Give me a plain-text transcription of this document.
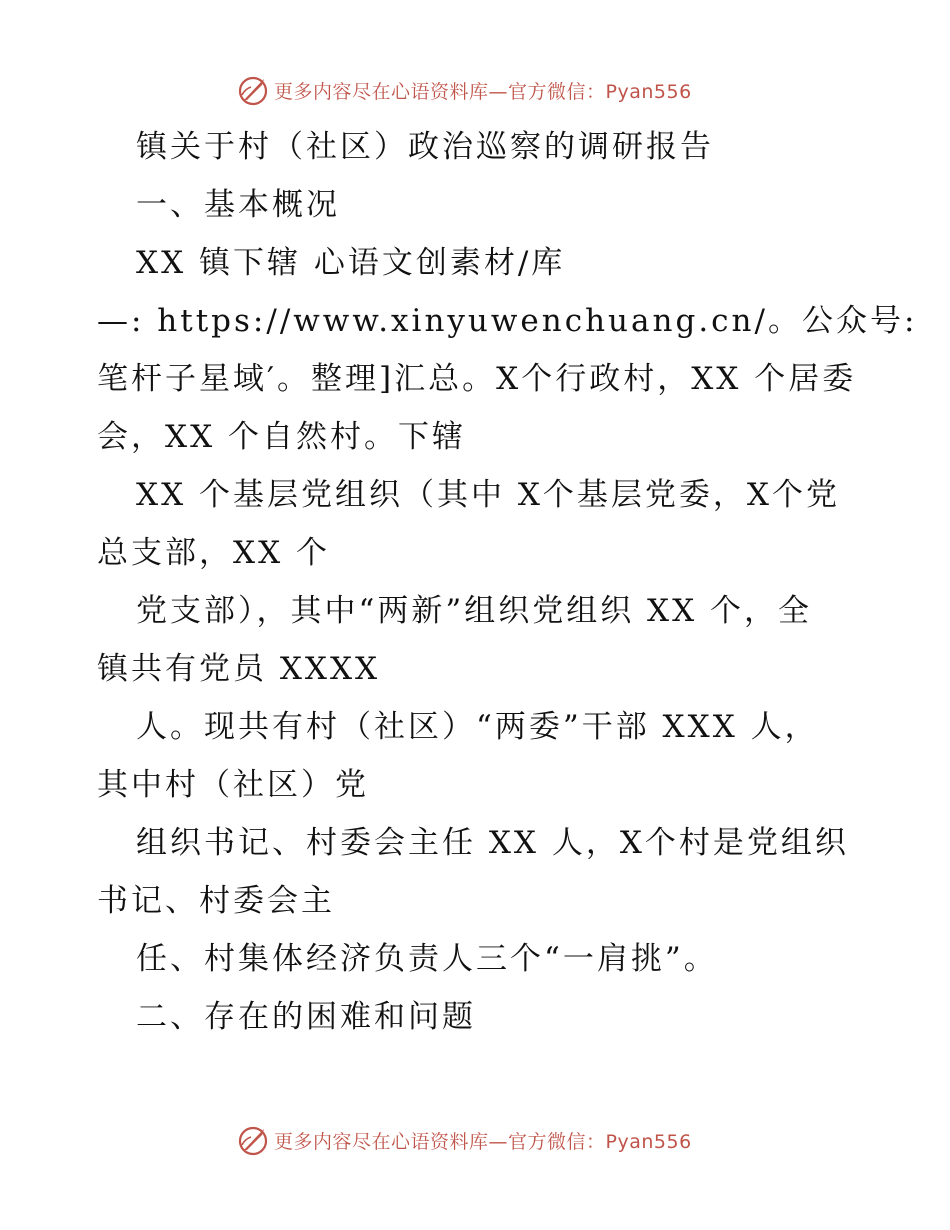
更多内容尽在心语资料库—官方微信：Pyan556
镇关于村（社区）政治巡察的调研报告
一、基本概况
XX 镇下辖 心语文创素材/库
—: https://www.xinyuwenchuang.cn/。公众号:
笔杆子星域′。整理]汇总。X个行政村，XX 个居委
会，XX 个自然村。下辖
XX 个基层党组织（其中 X个基层党委，X个党
总支部，XX 个
党支部），其中“两新”组织党组织 XX 个，全
镇共有党员 XXXX
人。现共有村（社区）“两委”干部 XXX 人，
其中村（社区）党
组织书记、村委会主任 XX 人，X个村是党组织
书记、村委会主
任、村集体经济负责人三个“一肩挑”。
二、存在的困难和问题
更多内容尽在心语资料库—官方微信：Pyan556
